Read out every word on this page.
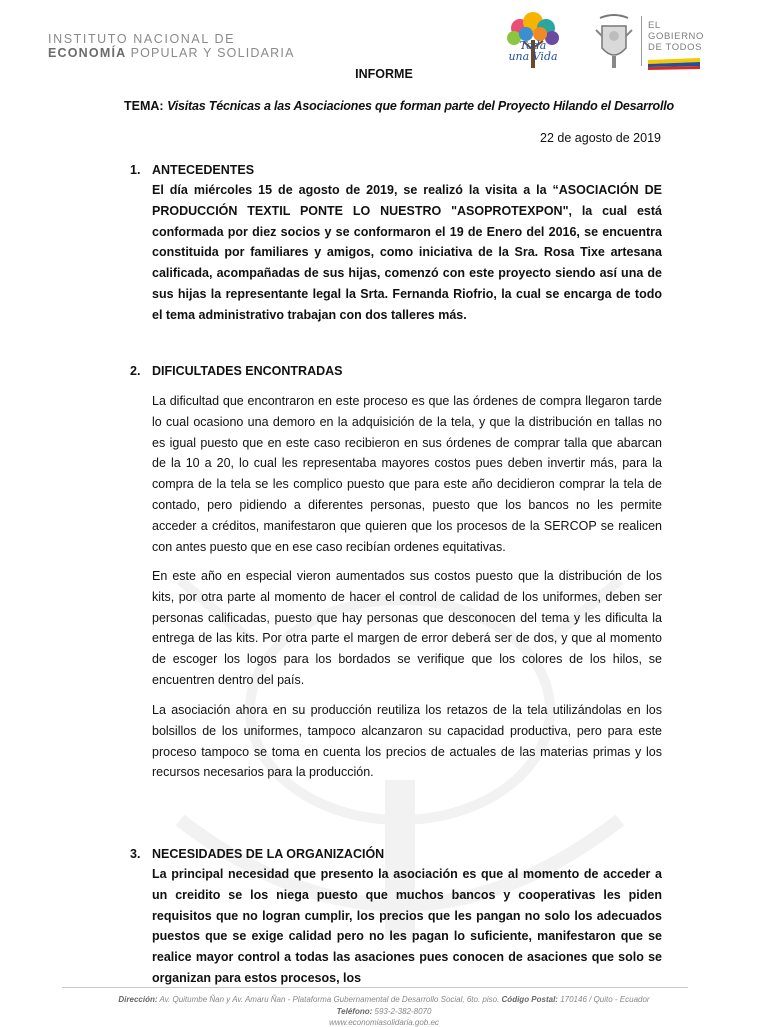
INSTITUTO NACIONAL DE
ECONOMÍA POPULAR Y SOLIDARIA
Toda
una Vida
EL
GOBIERNO
DE TODOS
INFORME
TEMA: Visitas Técnicas a las Asociaciones que forman parte del Proyecto Hilando el Desarrollo
22 de agosto de 2019
1. ANTECEDENTES
El día miércoles 15 de agosto de 2019, se realizó la visita a la “ASOCIACIÓN DE PRODUCCIÓN TEXTIL PONTE LO NUESTRO "ASOPROTEXPON", la cual está conformada por diez socios y se conformaron el 19 de Enero del 2016, se encuentra constituida por familiares y amigos, como iniciativa de la Sra. Rosa Tixe artesana calificada, acompañadas de sus hijas, comenzó con este proyecto siendo así una de sus hijas la representante legal la Srta. Fernanda Riofrio, la cual se encarga de todo el tema administrativo trabajan con dos talleres más.
2. DIFICULTADES ENCONTRADAS
La dificultad que encontraron en este proceso es que las órdenes de compra llegaron tarde lo cual ocasiono una demoro en la adquisición de la tela, y que la distribución en tallas no es igual puesto que en este caso recibieron en sus órdenes de comprar talla que abarcan de la 10 a 20, lo cual les representaba mayores costos pues deben invertir más, para la compra de la tela se les complico puesto que para este año decidieron comprar la tela de contado, pero pidiendo a diferentes personas, puesto que los bancos no les permite acceder a créditos, manifestaron que quieren que los procesos de la SERCOP se realicen con antes puesto que en ese caso recibían ordenes equitativas.
En este año en especial vieron aumentados sus costos puesto que la distribución de los kits, por otra parte al momento de hacer el control de calidad de los uniformes, deben ser personas calificadas, puesto que hay personas que desconocen del tema y les dificulta la entrega de las kits. Por otra parte el margen de error deberá ser de dos, y que al momento de escoger los logos para los bordados se verifique que los colores de los hilos, se encuentren dentro del país.
La asociación ahora en su producción reutiliza los retazos de la tela utilizándolas en los bolsillos de los uniformes, tampoco alcanzaron su capacidad productiva, pero para este proceso tampoco se toma en cuenta los precios de actuales de las materias primas y los recursos necesarios para la producción.
3. NECESIDADES DE LA ORGANIZACIÓN
La principal necesidad que presento la asociación es que al momento de acceder a un creidito se los niega puesto que muchos bancos y cooperativas les piden requisitos que no logran cumplir, los precios que les pangan no solo los adecuados puestos que se exige calidad pero no les pagan lo suficiente, manifestaron que se realice mayor control a todas las asaciones pues conocen de asaciones que solo se organizan para estos procesos, los
Dirección: Av. Quitumbe Ñan y Av. Amaru Ñan - Plataforma Gubernamental de Desarrollo Social, 6to. piso. Código Postal: 170146 / Quito - Ecuador
Teléfono: 593-2-382-8070
www.economiasolidaria.gob.ec
